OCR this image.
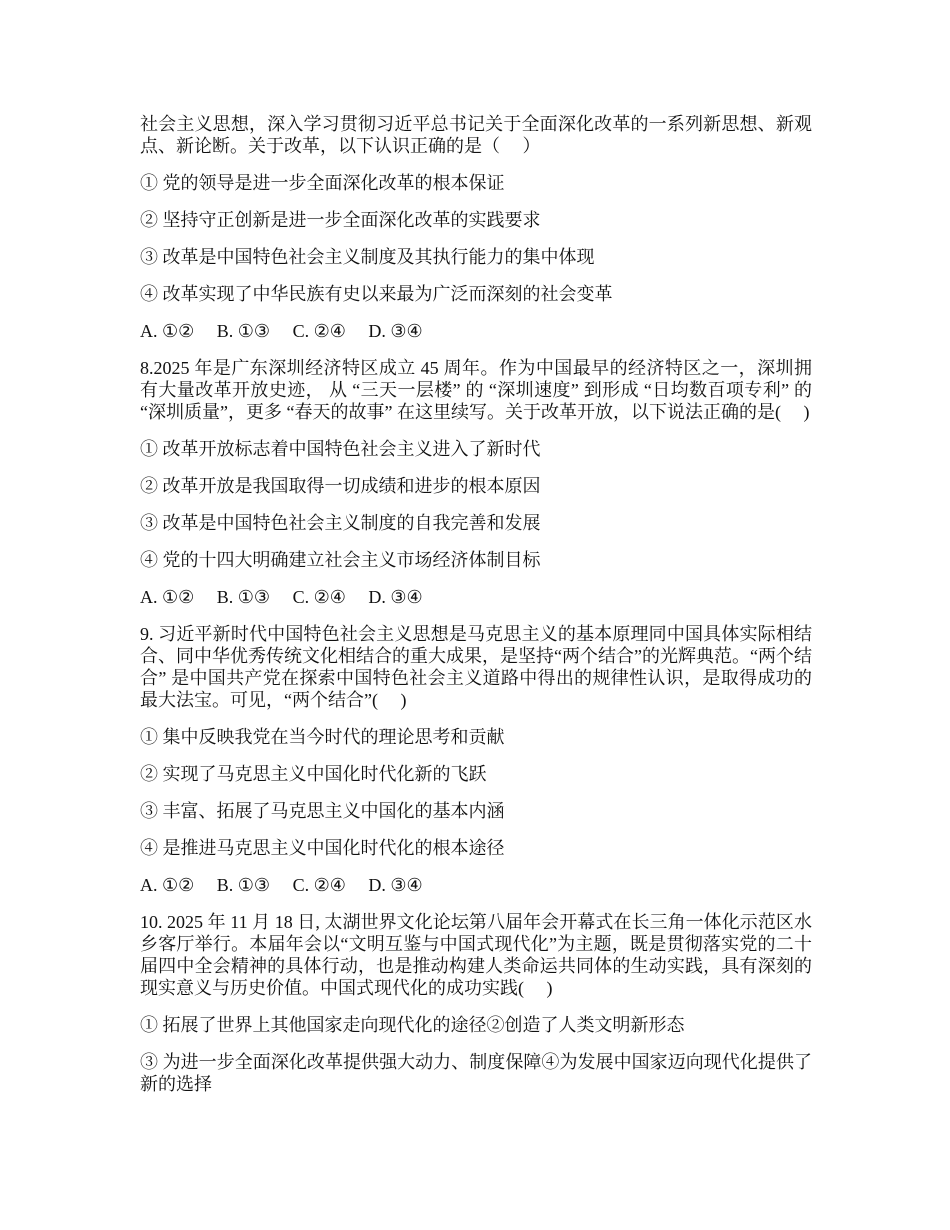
社会主义思想，深入学习贯彻习近平总书记关于全面深化改革的一系列新思想、新观点、新论断。关于改革，以下认识正确的是（　 ）

① 党的领导是进一步全面深化改革的根本保证

② 坚持守正创新是进一步全面深化改革的实践要求

③ 改革是中国特色社会主义制度及其执行能力的集中体现

④ 改革实现了中华民族有史以来最为广泛而深刻的社会变革

A. ①② B. ①③ C. ②④ D. ③④

8.2025 年是广东深圳经济特区成立 45 周年。作为中国最早的经济特区之一，深圳拥有大量改革开放史迹， 从 “三天一层楼” 的 “深圳速度” 到形成 “日均数百项专利” 的 “深圳质量”，更多 “春天的故事” 在这里续写。关于改革开放，以下说法正确的是(　 )

① 改革开放标志着中国特色社会主义进入了新时代

② 改革开放是我国取得一切成绩和进步的根本原因

③ 改革是中国特色社会主义制度的自我完善和发展

④ 党的十四大明确建立社会主义市场经济体制目标

A. ①② B. ①③ C. ②④ D. ③④

9. 习近平新时代中国特色社会主义思想是马克思主义的基本原理同中国具体实际相结合、同中华优秀传统文化相结合的重大成果，是坚持“两个结合”的光辉典范。“两个结合” 是中国共产党在探索中国特色社会主义道路中得出的规律性认识，是取得成功的最大法宝。可见，“两个结合”(　 )

① 集中反映我党在当今时代的理论思考和贡献

② 实现了马克思主义中国化时代化新的飞跃

③ 丰富、拓展了马克思主义中国化的基本内涵

④ 是推进马克思主义中国化时代化的根本途径

A. ①② B. ①③ C. ②④ D. ③④

10. 2025 年 11 月 18 日, 太湖世界文化论坛第八届年会开幕式在长三角一体化示范区水乡客厅举行。本届年会以“文明互鉴与中国式现代化”为主题，既是贯彻落实党的二十届四中全会精神的具体行动，也是推动构建人类命运共同体的生动实践，具有深刻的现实意义与历史价值。中国式现代化的成功实践(　 )

① 拓展了世界上其他国家走向现代化的途径②创造了人类文明新形态

③ 为进一步全面深化改革提供强大动力、制度保障④为发展中国家迈向现代化提供了新的选择
